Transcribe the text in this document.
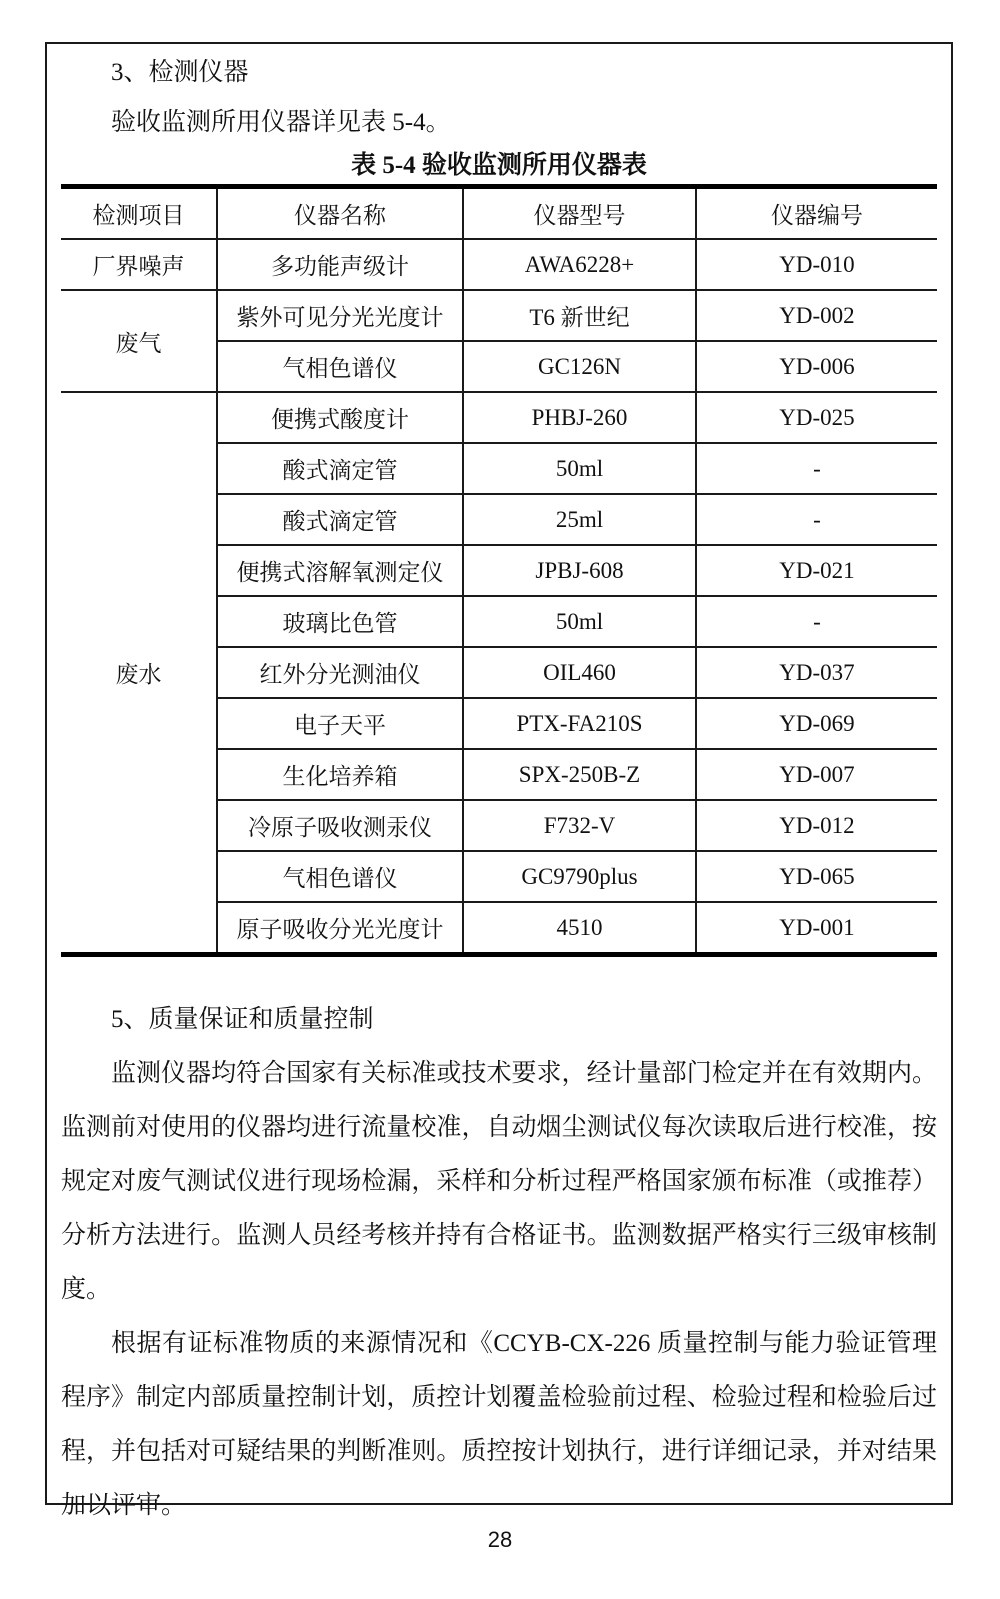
3、检测仪器

验收监测所用仪器详见表 5-4。

表 5-4 验收监测所用仪器表

检测项目	仪器名称	仪器型号	仪器编号
厂界噪声	多功能声级计	AWA6228+	YD-010
废气	紫外可见分光光度计	T6 新世纪	YD-002
	气相色谱仪	GC126N	YD-006
废水	便携式酸度计	PHBJ-260	YD-025
	酸式滴定管	50ml	-
	酸式滴定管	25ml	-
	便携式溶解氧测定仪	JPBJ-608	YD-021
	玻璃比色管	50ml	-
	红外分光测油仪	OIL460	YD-037
	电子天平	PTX-FA210S	YD-069
	生化培养箱	SPX-250B-Z	YD-007
	冷原子吸收测汞仪	F732-V	YD-012
	气相色谱仪	GC9790plus	YD-065
	原子吸收分光光度计	4510	YD-001

5、质量保证和质量控制

监测仪器均符合国家有关标准或技术要求，经计量部门检定并在有效期内。监测前对使用的仪器均进行流量校准，自动烟尘测试仪每次读取后进行校准，按规定对废气测试仪进行现场检漏，采样和分析过程严格国家颁布标准（或推荐）分析方法进行。监测人员经考核并持有合格证书。监测数据严格实行三级审核制度。

根据有证标准物质的来源情况和《CCYB-CX-226 质量控制与能力验证管理程序》制定内部质量控制计划，质控计划覆盖检验前过程、检验过程和检验后过程，并包括对可疑结果的判断准则。质控按计划执行，进行详细记录，并对结果加以评审。

28
